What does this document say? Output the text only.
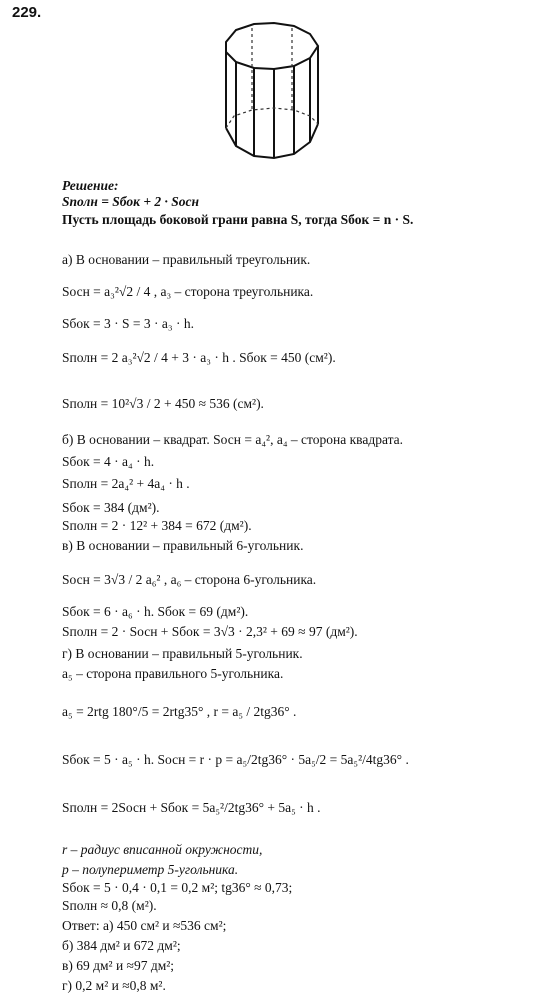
229.
Решение:
Sполн = Sбок + 2 · Sосн
Пусть площадь боковой грани равна S, тогда Sбок = n · S.
а) В основании – правильный треугольник.
Sосн = a₃²√2 / 4 , a₃ – сторона треугольника.
Sбок = 3 · S = 3 · a₃ · h.
Sполн = 2 a₃²√2 / 4 + 3 · a₃ · h . Sбок = 450 (см²).
Sполн = 10²√3 / 2 + 450 ≈ 536 (см²).
б) В основании – квадрат. Sосн = a₄², a₄ – сторона квадрата.
Sбок = 4 · a₄ · h.
Sполн = 2a₄² + 4a₄ · h .
Sбок = 384 (дм²).
Sполн = 2 · 12² + 384 = 672 (дм²).
в) В основании – правильный 6-угольник.
Sосн = 3√3 / 2 a₆² , a₆ – сторона 6-угольника.
Sбок = 6 · a₆ · h. Sбок = 69 (дм²).
Sполн = 2 · Sосн + Sбок = 3√3 · 2,3² + 69 ≈ 97 (дм²).
г) В основании – правильный 5-угольник.
a₅ – сторона правильного 5-угольника.
a₅ = 2rtg 180°/5 = 2rtg35° , r = a₅ / 2tg36° .
Sбок = 5 · a₅ · h. Sосн = r · p = a₅/2tg36° · 5a₅/2 = 5a₅²/4tg36° .
Sполн = 2Sосн + Sбок = 5a₅²/2tg36° + 5a₅ · h .
r – радиус вписанной окружности,
p – полупериметр 5-угольника.
Sбок = 5 · 0,4 · 0,1 = 0,2 м²; tg36° ≈ 0,73;
Sполн ≈ 0,8 (м²).
Ответ: а) 450 см² и ≈536 см²;
б) 384 дм² и 672 дм²;
в) 69 дм² и ≈97 дм²;
г) 0,2 м² и ≈0,8 м².
